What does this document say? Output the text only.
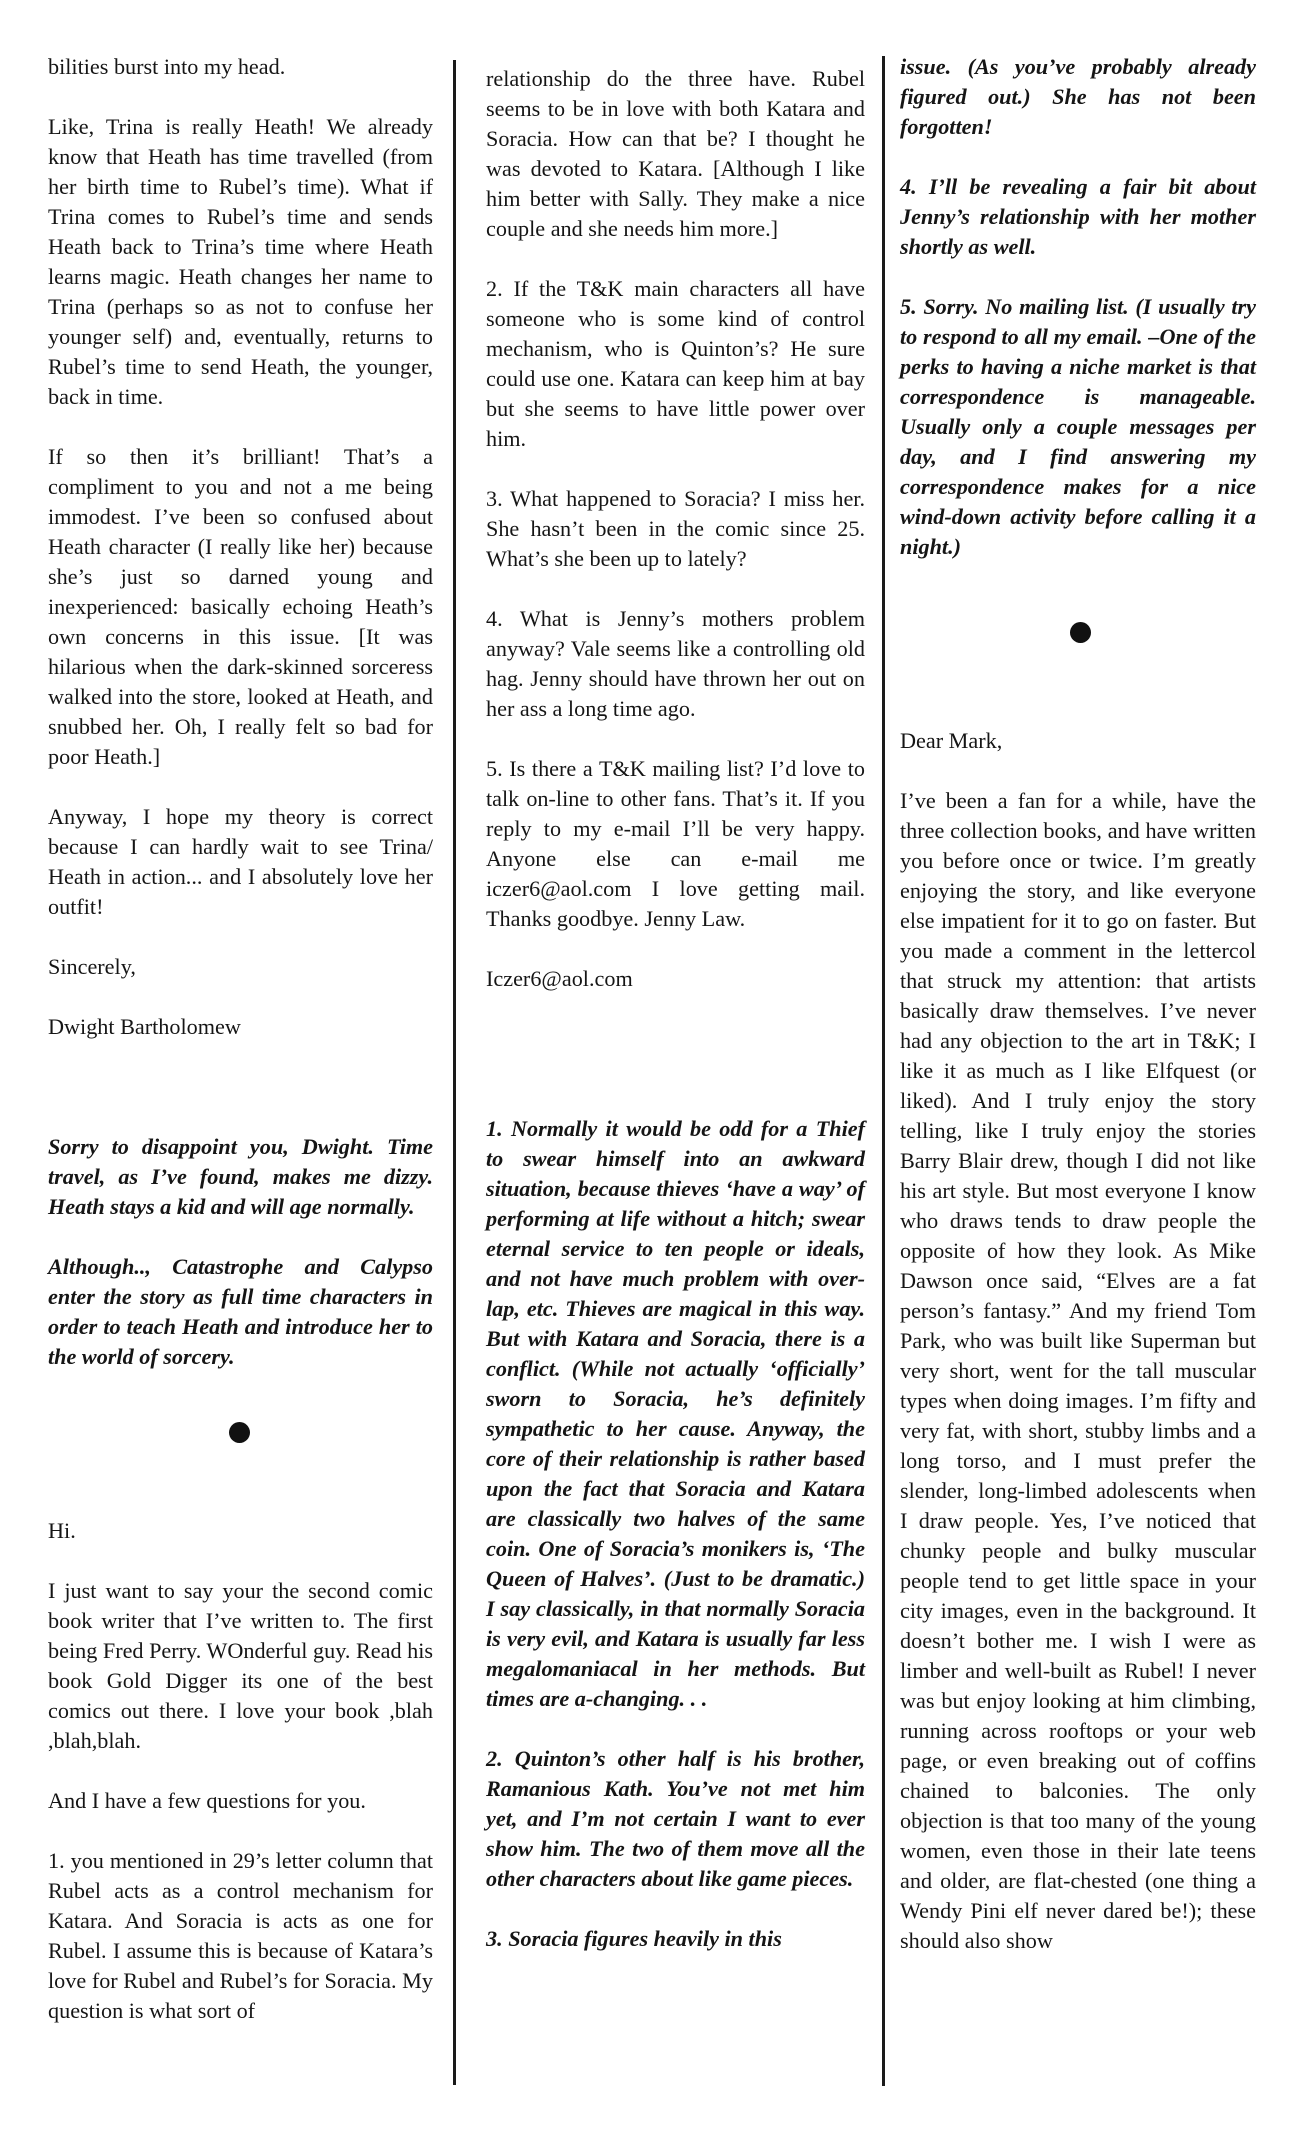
bilities burst into my head.

Like, Trina is really Heath! We already know that Heath has time travelled (from her birth time to Rubel’s time). What if Trina comes to Rubel’s time and sends Heath back to Trina’s time where Heath learns magic. Heath changes her name to Trina (perhaps so as not to confuse her younger self) and, eventually, returns to Rubel’s time to send Heath, the younger, back in time.

If so then it’s brilliant! That’s a compliment to you and not a me being immodest. I’ve been so confused about Heath character (I really like her) because she’s just so darned young and inexperienced: basically echoing Heath’s own concerns in this issue. [It was hilarious when the dark-skinned sorceress walked into the store, looked at Heath, and snubbed her. Oh, I really felt so bad for poor Heath.]

Anyway, I hope my theory is correct because I can hardly wait to see Trina/ Heath in action... and I absolutely love her outfit!

Sincerely,

Dwight Bartholomew

Sorry to disappoint you, Dwight. Time travel, as I’ve found, makes me dizzy. Heath stays a kid and will age normally.

Although.., Catastrophe and Calypso enter the story as full time characters in order to teach Heath and introduce her to the world of sorcery.

Hi.

I just want to say your the second comic book writer that I’ve written to. The first being Fred Perry. WOnderful guy. Read his book Gold Digger its one of the best comics out there. I love your book ,blah ,blah,blah.

And I have a few questions for you.

1. you mentioned in 29’s letter column that Rubel acts as a control mechanism for Katara. And Soracia is acts as one for Rubel. I assume this is because of Katara’s love for Rubel and Rubel’s for Soracia. My question is what sort of

relationship do the three have. Rubel seems to be in love with both Katara and Soracia. How can that be? I thought he was devoted to Katara. [Although I like him better with Sally. They make a nice couple and she needs him more.]

2. If the T&K main characters all have someone who is some kind of control mechanism, who is Quinton’s? He sure could use one. Katara can keep him at bay but she seems to have little power over him.

3. What happened to Soracia? I miss her. She hasn’t been in the comic since 25. What’s she been up to lately?

4. What is Jenny’s mothers problem anyway? Vale seems like a controlling old hag. Jenny should have thrown her out on her ass a long time ago.

5. Is there a T&K mailing list? I’d love to talk on-line to other fans. That’s it. If you reply to my e-mail I’ll be very happy. Anyone else can e-mail me iczer6@aol.com I love getting mail. Thanks goodbye. Jenny Law.

Iczer6@aol.com

1. Normally it would be odd for a Thief to swear himself into an awkward situation, because thieves ‘have a way’ of performing at life without a hitch; swear eternal service to ten people or ideals, and not have much problem with over-lap, etc. Thieves are magical in this way. But with Katara and Soracia, there is a conflict. (While not actually ‘officially’ sworn to Soracia, he’s definitely sympathetic to her cause. Anyway, the core of their relationship is rather based upon the fact that Soracia and Katara are classically two halves of the same coin. One of Soracia’s monikers is, ‘The Queen of Halves’. (Just to be dramatic.) I say classically, in that normally Soracia is very evil, and Katara is usually far less megalomaniacal in her methods. But times are a-changing. . .

2. Quinton’s other half is his brother, Ramanious Kath. You’ve not met him yet, and I’m not certain I want to ever show him. The two of them move all the other characters about like game pieces.

3. Soracia figures heavily in this

issue. (As you’ve probably already figured out.) She has not been forgotten!

4. I’ll be revealing a fair bit about Jenny’s relationship with her mother shortly as well.

5. Sorry. No mailing list. (I usually try to respond to all my email. –One of the perks to having a niche market is that correspondence is manageable. Usually only a couple messages per day, and I find answering my correspondence makes for a nice wind-down activity before calling it a night.)

Dear Mark,

I’ve been a fan for a while, have the three collection books, and have written you before once or twice. I’m greatly enjoying the story, and like everyone else impatient for it to go on faster. But you made a comment in the lettercol that struck my attention: that artists basically draw themselves. I’ve never had any objection to the art in T&K; I like it as much as I like Elfquest (or liked). And I truly enjoy the story telling, like I truly enjoy the stories Barry Blair drew, though I did not like his art style. But most everyone I know who draws tends to draw people the opposite of how they look. As Mike Dawson once said, “Elves are a fat person’s fantasy.” And my friend Tom Park, who was built like Superman but very short, went for the tall muscular types when doing images. I’m fifty and very fat, with short, stubby limbs and a long torso, and I must prefer the slender, long-limbed adolescents when I draw people. Yes, I’ve noticed that chunky people and bulky muscular people tend to get little space in your city images, even in the background. It doesn’t bother me. I wish I were as limber and well-built as Rubel! I never was but enjoy looking at him climbing, running across rooftops or your web page, or even breaking out of coffins chained to balconies. The only objection is that too many of the young women, even those in their late teens and older, are flat-chested (one thing a Wendy Pini elf never dared be!); these should also show
